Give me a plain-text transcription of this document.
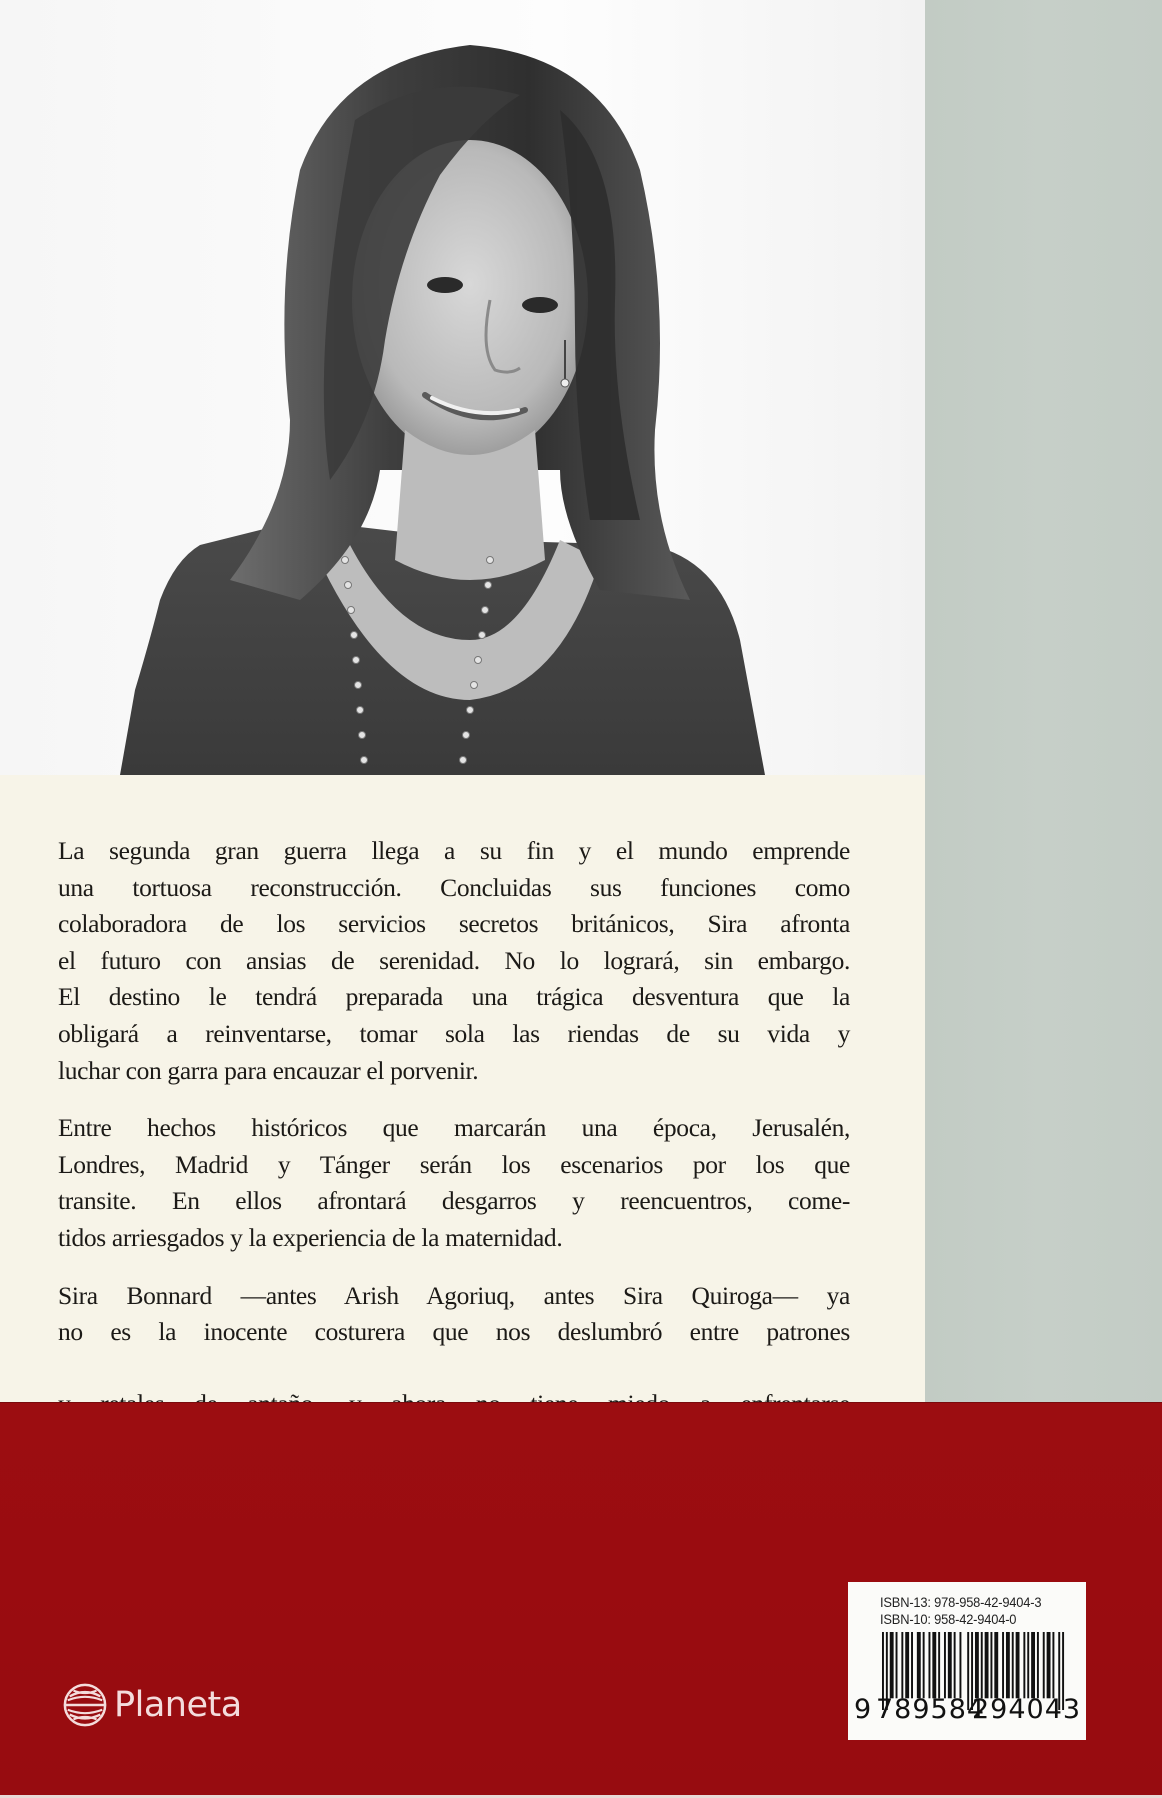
La segunda gran guerra llega a su fin y el mundo emprende
una tortuosa reconstrucción. Concluidas sus funciones como
colaboradora de los servicios secretos británicos, Sira afronta
el futuro con ansias de serenidad. No lo logrará, sin embargo.
El destino le tendrá preparada una trágica desventura que la
obligará a reinventarse, tomar sola las riendas de su vida y
luchar con garra para encauzar el porvenir.

Entre hechos históricos que marcarán una época, Jerusalén,
Londres, Madrid y Tánger serán los escenarios por los que
transite. En ellos afrontará desgarros y reencuentros, come-
tidos arriesgados y la experiencia de la maternidad.

Sira Bonnard —antes Arish Agoriuq, antes Sira Quiroga— ya
no es la inocente costurera que nos deslumbró entre patrones

Planeta
ISBN-13: 978-958-42-9404-3
ISBN-10: 958-42-9404-0
9 789584
294043
